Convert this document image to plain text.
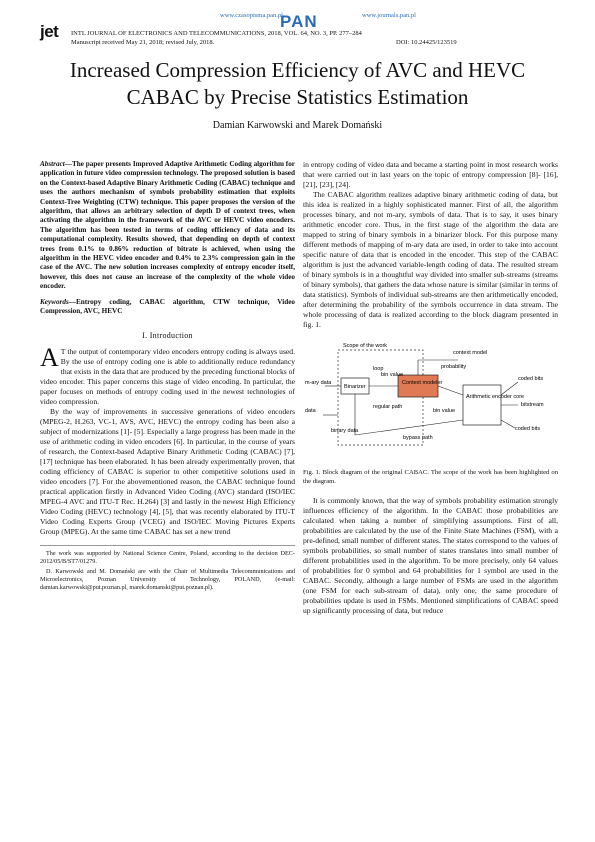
jet
www.czasopisma.pan.pl
PAN	www.journals.pan.pl
INTL JOURNAL OF ELECTRONICS AND TELECOMMUNICATIONS, 2018, VOL. 64, NO. 3, PP. 277–284
Manuscript received May 21, 2018; revised July, 2018.	DOI: 10.24425/123519
Increased Compression Efficiency of AVC and HEVC CABAC by Precise Statistics Estimation
Damian Karwowski and Marek Domański

Abstract—The paper presents Improved Adaptive Arithmetic Coding algorithm for application in future video compression technology. The proposed solution is based on the Context-based Adaptive Binary Arithmetic Coding (CABAC) technique and uses the authors mechanism of symbols probability estimation that exploits Context-Tree Weighting (CTW) technique. This paper proposes the version of the algorithm, that allows an arbitrary selection of depth D of context trees, when activating the algorithm in the framework of the AVC or HEVC video encoders. The algorithm has been tested in terms of coding efficiency of data and its computational complexity. Results showed, that depending on depth of context trees from 0.1% to 0.86% reduction of bitrate is achieved, when using the algorithm in the HEVC video encoder and 0.4% to 2.3% compression gain in the case of the AVC. The new solution increases complexity of entropy encoder itself, however, this does not cause an increase of the complexity of the whole video encoder.

Keywords—Entropy coding, CABAC algorithm, CTW technique, Video Compression, AVC, HEVC

I. Introduction

A T the output of contemporary video encoders entropy coding is always used. By the use of entropy coding one is able to additionally reduce redundancy that exists in the data that are produced by the preceding functional blocks of video encoder. This paper concerns this stage of video encoding. In particular, the paper focuses on methods of entropy coding used in the newest technologies of video compression.

By the way of improvements in successive generations of video encoders (MPEG-2, H.263, VC-1, AVS, AVC, HEVC) the entropy coding has been also a subject of modernizations [1]- [5]. Especially a large progress has been made in the use of arithmetic coding in video encoders [6]. In particular, in the course of years of research, the Context-based Adaptive Binary Arithmetic Coding (CABAC) [7], [17] technique has been elaborated. It has been already experimentally proven, that coding efficiency of CABAC is superior to other competitive solutions used in video encoders [7]. For the abovementioned reason, the CABAC technique found practical application firstly in Advanced Video Coding (AVC) standard (ISO/IEC MPEG-4 AVC and ITU-T Rec. H.264) [3] and lastly in the newest High Efficiency Video Coding (HEVC) technology [4], [5], that was recently elaborated by ITU-T Video Coding Experts Group (VCEG) and ISO/IEC Moving Pictures Experts Group (MPEG). At the same time CABAC has set a new trend

The work was supported by National Science Centre, Poland, according to the decision DEC-2012/05/B/ST7/01279.

D. Karwowski and M. Domański are with the Chair of Multimedia Telecommunications and Microelectronics, Poznan University of Technology, POLAND, (e-mail: damian.karwowski@put.poznan.pl, marek.domanski@put.poznan.pl).

in entropy coding of video data and became a starting point in most research works that were carried out in last years on the topic of entropy compression [8]- [16], [21], [23], [24].

The CABAC algorithm realizes adaptive binary arithmetic coding of data, but this idea is realized in a highly sophisticated manner. First of all, the algorithm processes binary, and not m-ary, symbols of data. That is to say, it uses binary arithmetic encoder core. Thus, in the first stage of the algorithm the data are mapped to string of binary symbols in a binarizer block. For this purpose many different methods of mapping of m-ary data are used, in order to take into account specific nature of data that is encoded in the encoder. This step of the CABAC algorithm is just the advanced variable-length coding of data. The resulted stream of binary symbols is in a thoughtful way divided into smaller sub-streams (streams of binary symbols), that gathers the data whose nature is similar (similar in terms of data statistics). Symbols of individual sub-streams are then arithmetically encoded, after determining the probability of the symbols occurrence in data stream. The whole processing of data is realized according to the block diagram presented in fig. 1.

Scope of the work
context model
Binarizer
Context modeler
Arithmetic encoder core
m-ary data
data
regular path
binary data
bypass path
loop	probability
bin value
bin value
coded bits
bitstream
coded bits
Fig. 1. Block diagram of the original CABAC. The scope of the work has been highlighted on the diagram.

It is commonly known, that the way of symbols probability estimation strongly influences efficiency of the algorithm. In the CABAC those probabilities are calculated when taking a number of simplifying assumptions. First of all, probabilities are calculated by the use of the Finite State Machines (FSM), with a pre-defined, small number of different states. The states correspond to the values of symbols probabilities, so small number of states translates into small number of different probabilities used in the algorithm. To be more precisely, only 64 values of probabilities for 0 symbol and 64 probabilities for 1 symbol are used in the CABAC. Secondly, although a large number of FSMs are used in the algorithm (one FSM for each sub-stream of data), only one, the same procedure of probabilities update is used in FSMs. Mentioned simplifications of CABAC speed up significantly processing of data, but reduce
